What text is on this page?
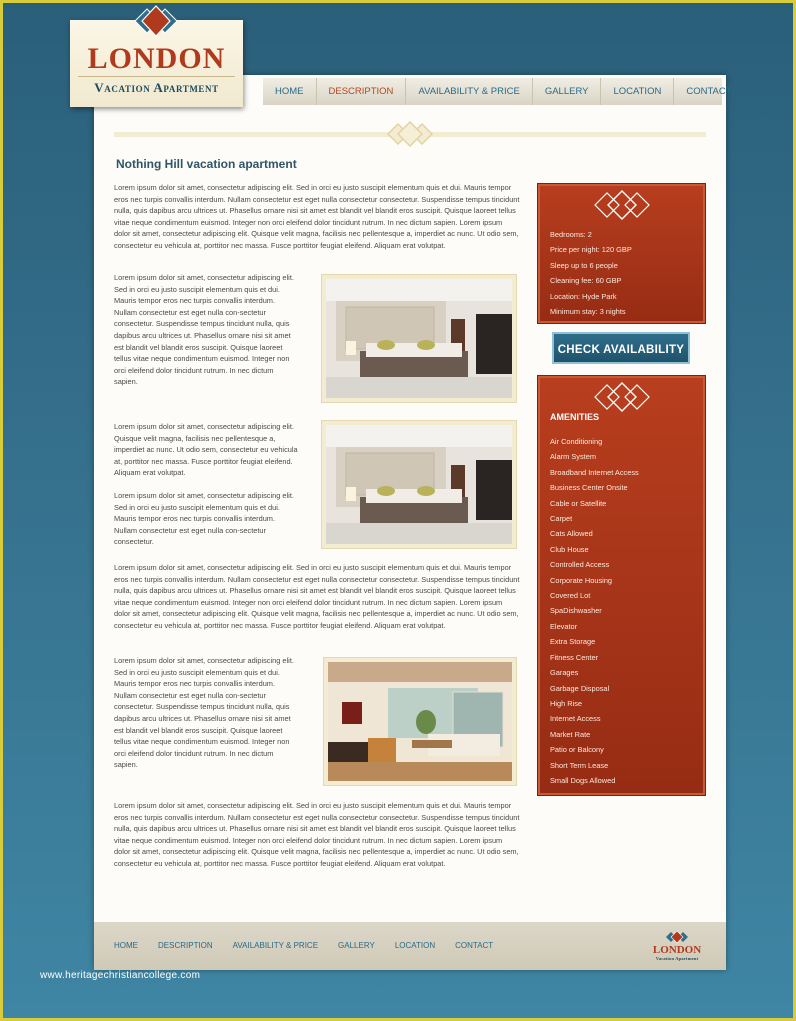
LONDON
Vacation Apartment	HOME	DESCRIPTION	AVAILABILITY & PRICE	GALLERY	LOCATION	CONTACT
Nothing Hill vacation apartment

Lorem ipsum dolor sit amet, consectetur adipiscing elit. Sed in orci eu justo suscipit elementum quis et dui. Mauris tempor eros nec turpis convallis interdum. Nullam consectetur est eget nulla consectetur consectetur. Suspendisse tempus tincidunt nulla, quis dapibus arcu ultrices ut. Phasellus ornare nisi sit amet est blandit vel blandit eros suscipit. Quisque laoreet tellus vitae neque condimentum euismod. Integer non orci eleifend dolor tincidunt rutrum. In nec dictum sapien. Lorem ipsum dolor sit amet, consectetur adipiscing elit. Quisque velit magna, facilisis nec pellentesque a, imperdiet ac nunc. Ut odio sem, consectetur eu vehicula at, porttitor nec massa. Fusce porttitor feugiat eleifend. Aliquam erat volutpat.

Lorem ipsum dolor sit amet, consectetur adipiscing elit. Sed in orci eu justo suscipit elementum quis et dui. Mauris tempor eros nec turpis convallis interdum. Nullam consectetur est eget nulla con-sectetur consectetur. Suspendisse tempus tincidunt nulla, quis dapibus arcu ultrices ut. Phasellus ornare nisi sit amet est blandit vel blandit eros suscipit. Quisque laoreet tellus vitae neque condimentum euismod. Integer non orci eleifend dolor tincidunt rutrum. In nec dictum sapien.

Lorem ipsum dolor sit amet, consectetur adipiscing elit. Quisque velit magna, facilisis nec pellentesque a, imperdiet ac nunc. Ut odio sem, consectetur eu vehicula at, porttitor nec massa. Fusce porttitor feugiat eleifend. Aliquam erat volutpat.

Lorem ipsum dolor sit amet, consectetur adipiscing elit. Sed in orci eu justo suscipit elementum quis et dui. Mauris tempor eros nec turpis convallis interdum. Nullam consectetur est eget nulla con-sectetur consectetur.

Lorem ipsum dolor sit amet, consectetur adipiscing elit. Sed in orci eu justo suscipit elementum quis et dui. Mauris tempor eros nec turpis convallis interdum. Nullam consectetur est eget nulla consectetur consectetur. Suspendisse tempus tincidunt nulla, quis dapibus arcu ultrices ut. Phasellus ornare nisi sit amet est blandit vel blandit eros suscipit. Quisque laoreet tellus vitae neque condimentum euismod. Integer non orci eleifend dolor tincidunt rutrum. In nec dictum sapien. Lorem ipsum dolor sit amet, consectetur adipiscing elit. Quisque velit magna, facilisis nec pellentesque a, imperdiet ac nunc. Ut odio sem, consectetur eu vehicula at, porttitor nec massa. Fusce porttitor feugiat eleifend. Aliquam erat volutpat.

Lorem ipsum dolor sit amet, consectetur adipiscing elit. Sed in orci eu justo suscipit elementum quis et dui. Mauris tempor eros nec turpis convallis interdum. Nullam consectetur est eget nulla con-sectetur consectetur. Suspendisse tempus tincidunt nulla, quis dapibus arcu ultrices ut. Phasellus ornare nisi sit amet est blandit vel blandit eros suscipit. Quisque laoreet tellus vitae neque condimentum euismod. Integer non orci eleifend dolor tincidunt rutrum. In nec dictum sapien.

Lorem ipsum dolor sit amet, consectetur adipiscing elit. Sed in orci eu justo suscipit elementum quis et dui. Mauris tempor eros nec turpis convallis interdum. Nullam consectetur est eget nulla consectetur consectetur. Suspendisse tempus tincidunt nulla, quis dapibus arcu ultrices ut. Phasellus ornare nisi sit amet est blandit vel blandit eros suscipit. Quisque laoreet tellus vitae neque condimentum euismod. Integer non orci eleifend dolor tincidunt rutrum. In nec dictum sapien. Lorem ipsum dolor sit amet, consectetur adipiscing elit. Quisque velit magna, facilisis nec pellentesque a, imperdiet ac nunc. Ut odio sem, consectetur eu vehicula at, porttitor nec massa. Fusce porttitor feugiat eleifend. Aliquam erat volutpat.

Bedrooms: 2
Price per night: 120 GBP
Sleep up to 6 people
Cleaning fee: 60 GBP
Location: Hyde Park
Minimum stay: 3 nights
CHECK AVAILABILITY
AMENITIES
Air Conditioning
Alarm System
Broadband Internet Access
Business Center Onsite
Cable or Satellite
Carpet
Cats Allowed
Club House
Controlled Access
Corporate Housing
Covered Lot
SpaDishwasher
Elevator
Extra Storage
Fitness Center
Garages
Garbage Disposal
High Rise
Internet Access
Market Rate
Patio or Balcony
Short Term Lease
Small Dogs Allowed
HOME	DESCRIPTION	AVAILABILITY & PRICE	GALLERY	LOCATION	CONTACT	LONDON
Vacation Apartment
www.heritagechristiancollege.com
